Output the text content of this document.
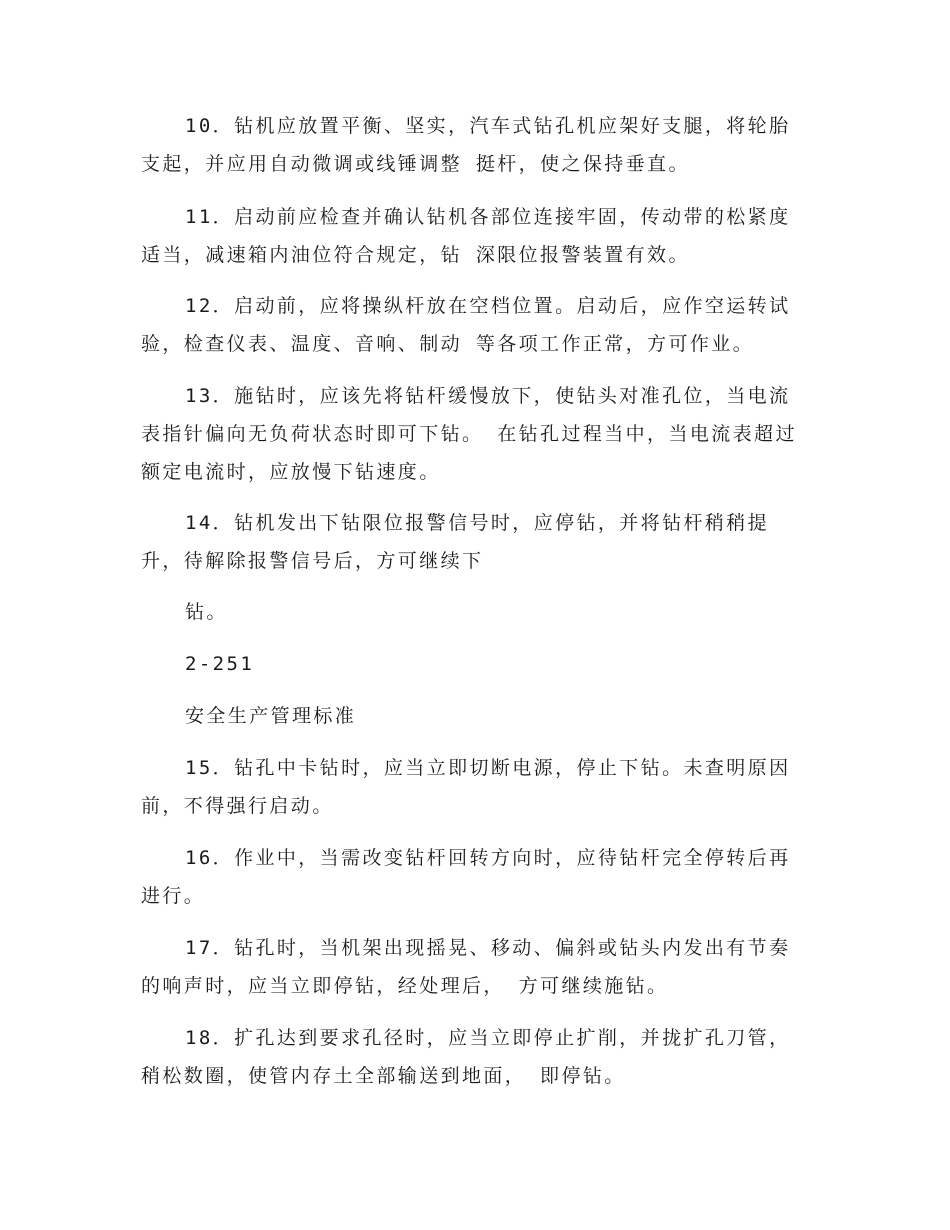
10．钻机应放置平衡、坚实，汽车式钻孔机应架好支腿，将轮胎支起，并应用自动微调或线锤调整 挺杆，使之保持垂直。

11．启动前应检查并确认钻机各部位连接牢固，传动带的松紧度适当，减速箱内油位符合规定，钻 深限位报警装置有效。

12．启动前，应将操纵杆放在空档位置。启动后，应作空运转试验，检查仪表、温度、音响、制动 等各项工作正常，方可作业。

13．施钻时，应该先将钻杆缓慢放下，使钻头对准孔位，当电流表指针偏向无负荷状态时即可下钻。 在钻孔过程当中，当电流表超过额定电流时，应放慢下钻速度。

14．钻机发出下钻限位报警信号时，应停钻，并将钻杆稍稍提

升，待解除报警信号后，方可继续下

钻。

2-251

安全生产管理标准

15．钻孔中卡钻时，应当立即切断电源，停止下钻。未查明原因前，不得强行启动。

16．作业中，当需改变钻杆回转方向时，应待钻杆完全停转后再进行。

17．钻孔时，当机架出现摇晃、移动、偏斜或钻头内发出有节奏的响声时，应当立即停钻，经处理后， 方可继续施钻。

18．扩孔达到要求孔径时，应当立即停止扩削，并拢扩孔刀管，稍松数圈，使管内存土全部输送到地面， 即停钻。
